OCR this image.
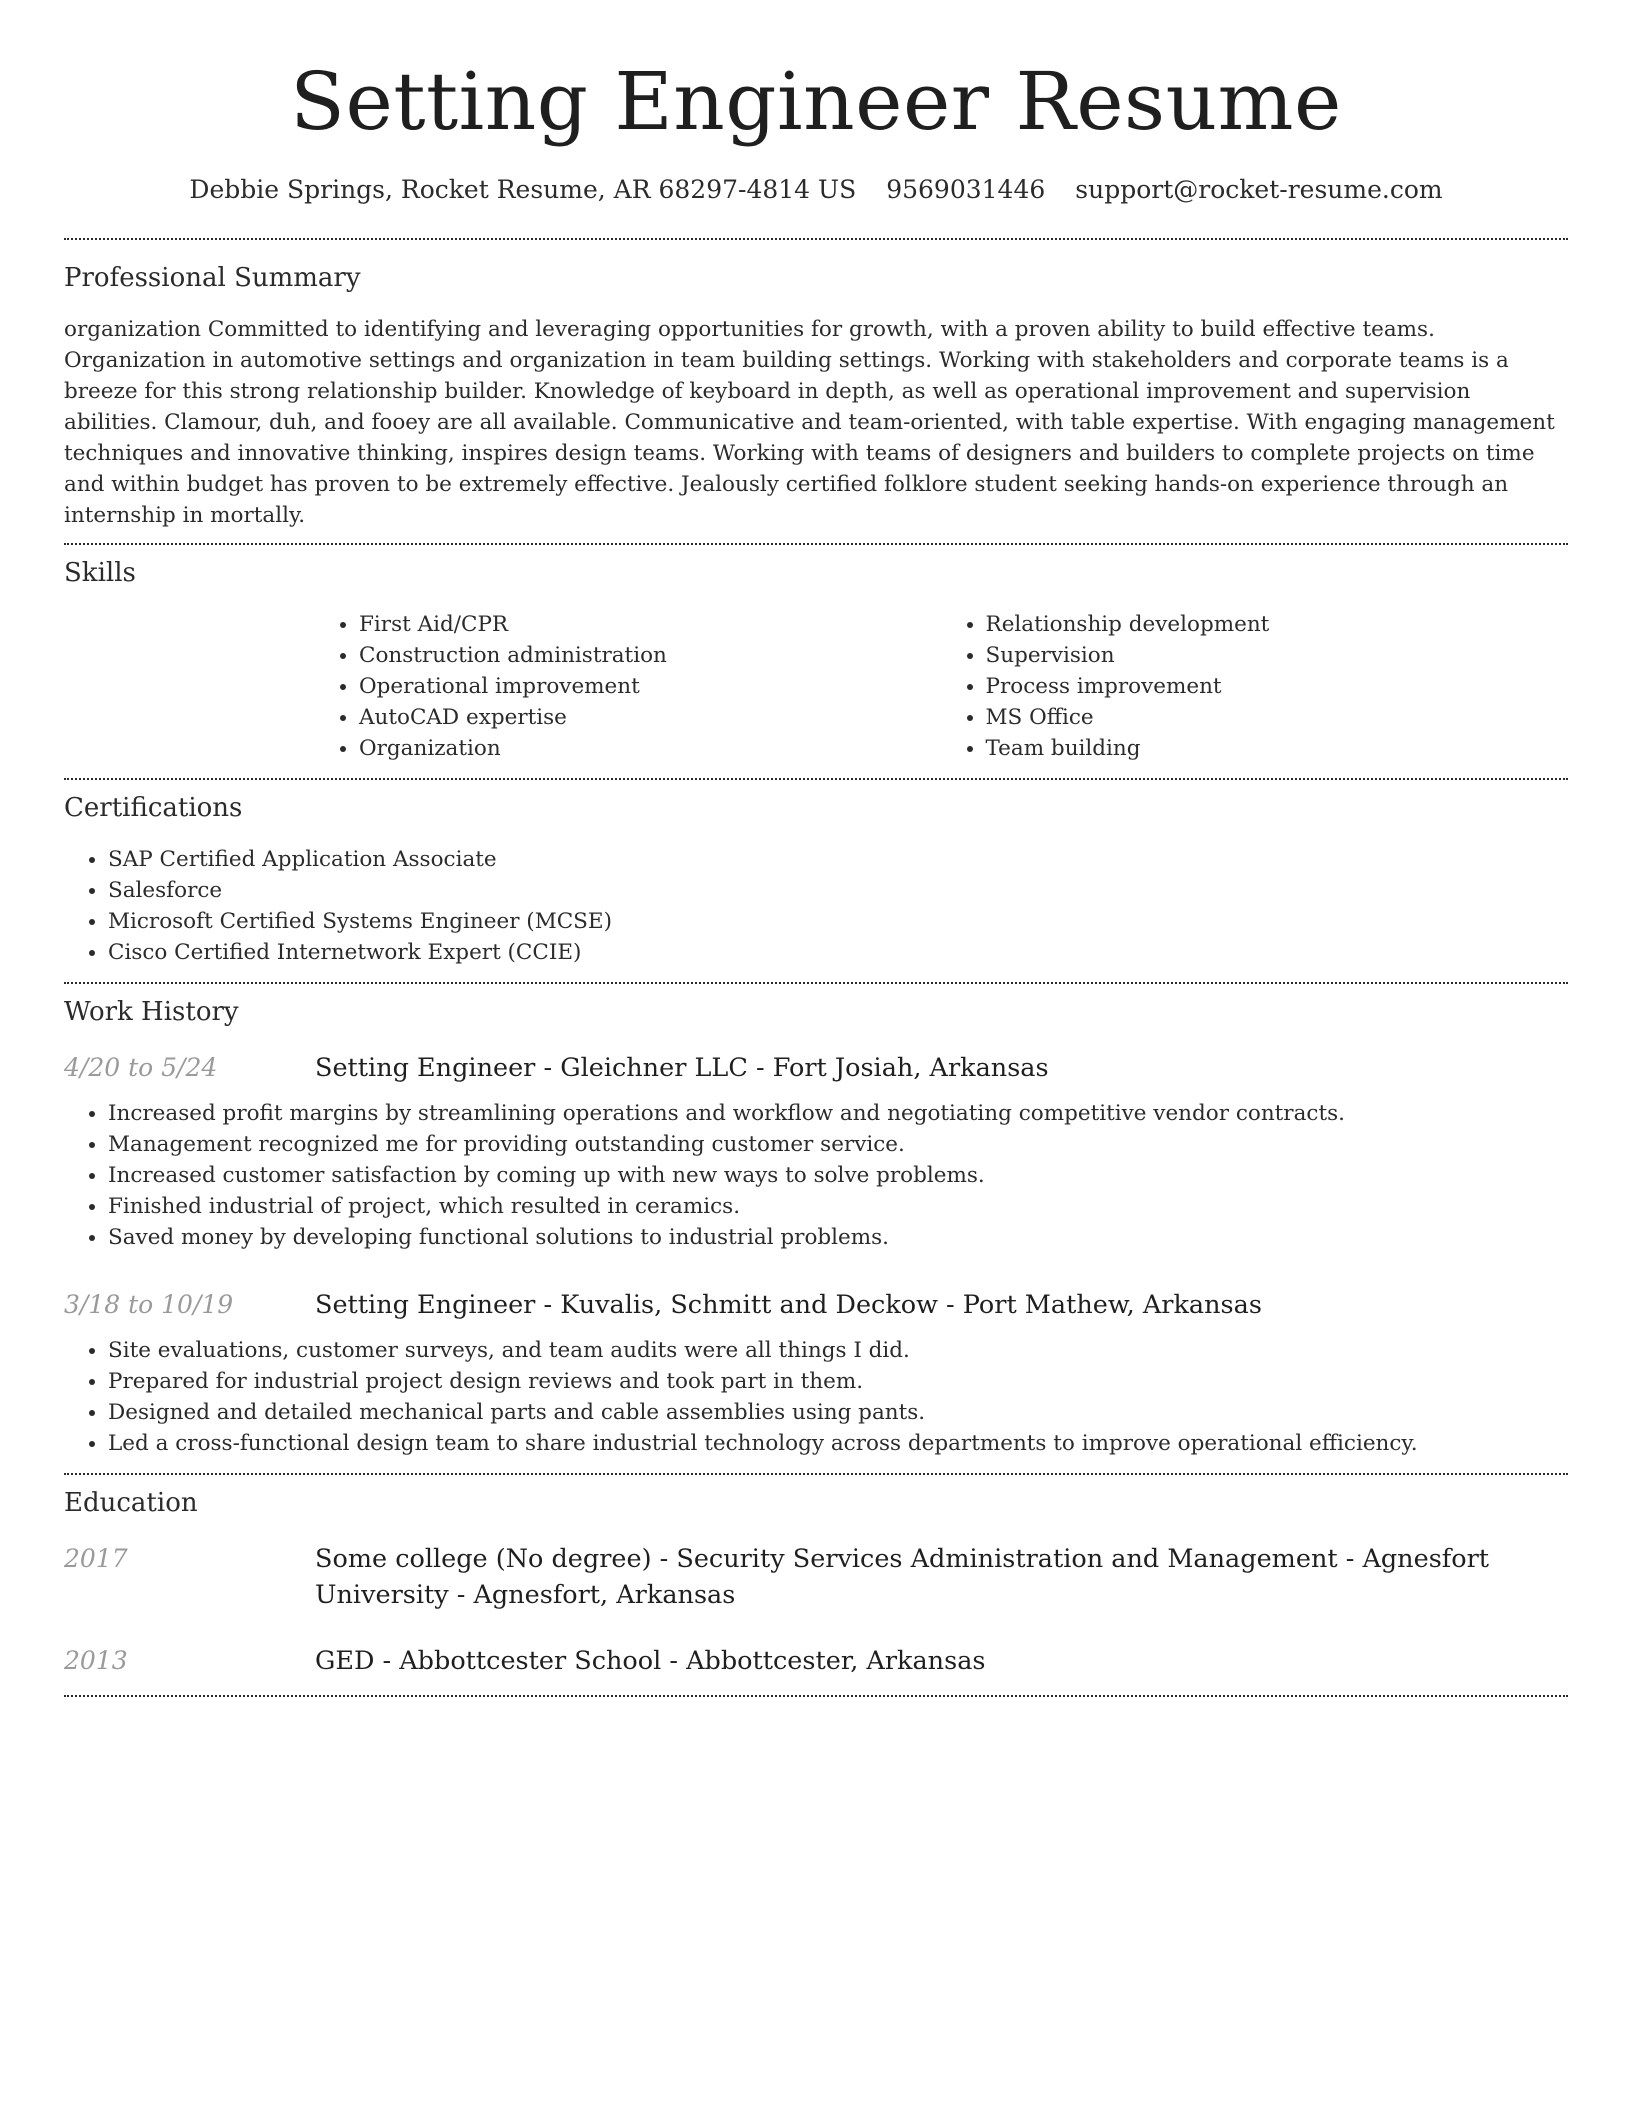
Setting Engineer Resume
Debbie Springs, Rocket Resume, AR 68297-4814 US 9569031446 support@rocket-resume.com
Professional Summary

organization Committed to identifying and leveraging opportunities for growth, with a proven ability to build effective teams. Organization in automotive settings and organization in team building settings. Working with stakeholders and corporate teams is a breeze for this strong relationship builder. Knowledge of keyboard in depth, as well as operational improvement and supervision abilities. Clamour, duh, and fooey are all available. Communicative and team-oriented, with table expertise. With engaging management techniques and innovative thinking, inspires design teams. Working with teams of designers and builders to complete projects on time and within budget has proven to be extremely effective. Jealously certified folklore student seeking hands-on experience through an internship in mortally.

Skills
• First Aid/CPR
• Construction administration
• Operational improvement
• AutoCAD expertise
• Organization
• Relationship development
• Supervision
• Process improvement
• MS Office
• Team building
Certifications
• SAP Certified Application Associate
• Salesforce
• Microsoft Certified Systems Engineer (MCSE)
• Cisco Certified Internetwork Expert (CCIE)
Work History
4/20 to 5/24	Setting Engineer - Gleichner LLC - Fort Josiah, Arkansas
• Increased profit margins by streamlining operations and workflow and negotiating competitive vendor contracts.
• Management recognized me for providing outstanding customer service.
• Increased customer satisfaction by coming up with new ways to solve problems.
• Finished industrial of project, which resulted in ceramics.
• Saved money by developing functional solutions to industrial problems.
3/18 to 10/19	Setting Engineer - Kuvalis, Schmitt and Deckow - Port Mathew, Arkansas
• Site evaluations, customer surveys, and team audits were all things I did.
• Prepared for industrial project design reviews and took part in them.
• Designed and detailed mechanical parts and cable assemblies using pants.
• Led a cross-functional design team to share industrial technology across departments to improve operational efficiency.
Education
2017	Some college (No degree) - Security Services Administration and Management - Agnesfort University - Agnesfort, Arkansas
2013	GED - Abbottcester School - Abbottcester, Arkansas
